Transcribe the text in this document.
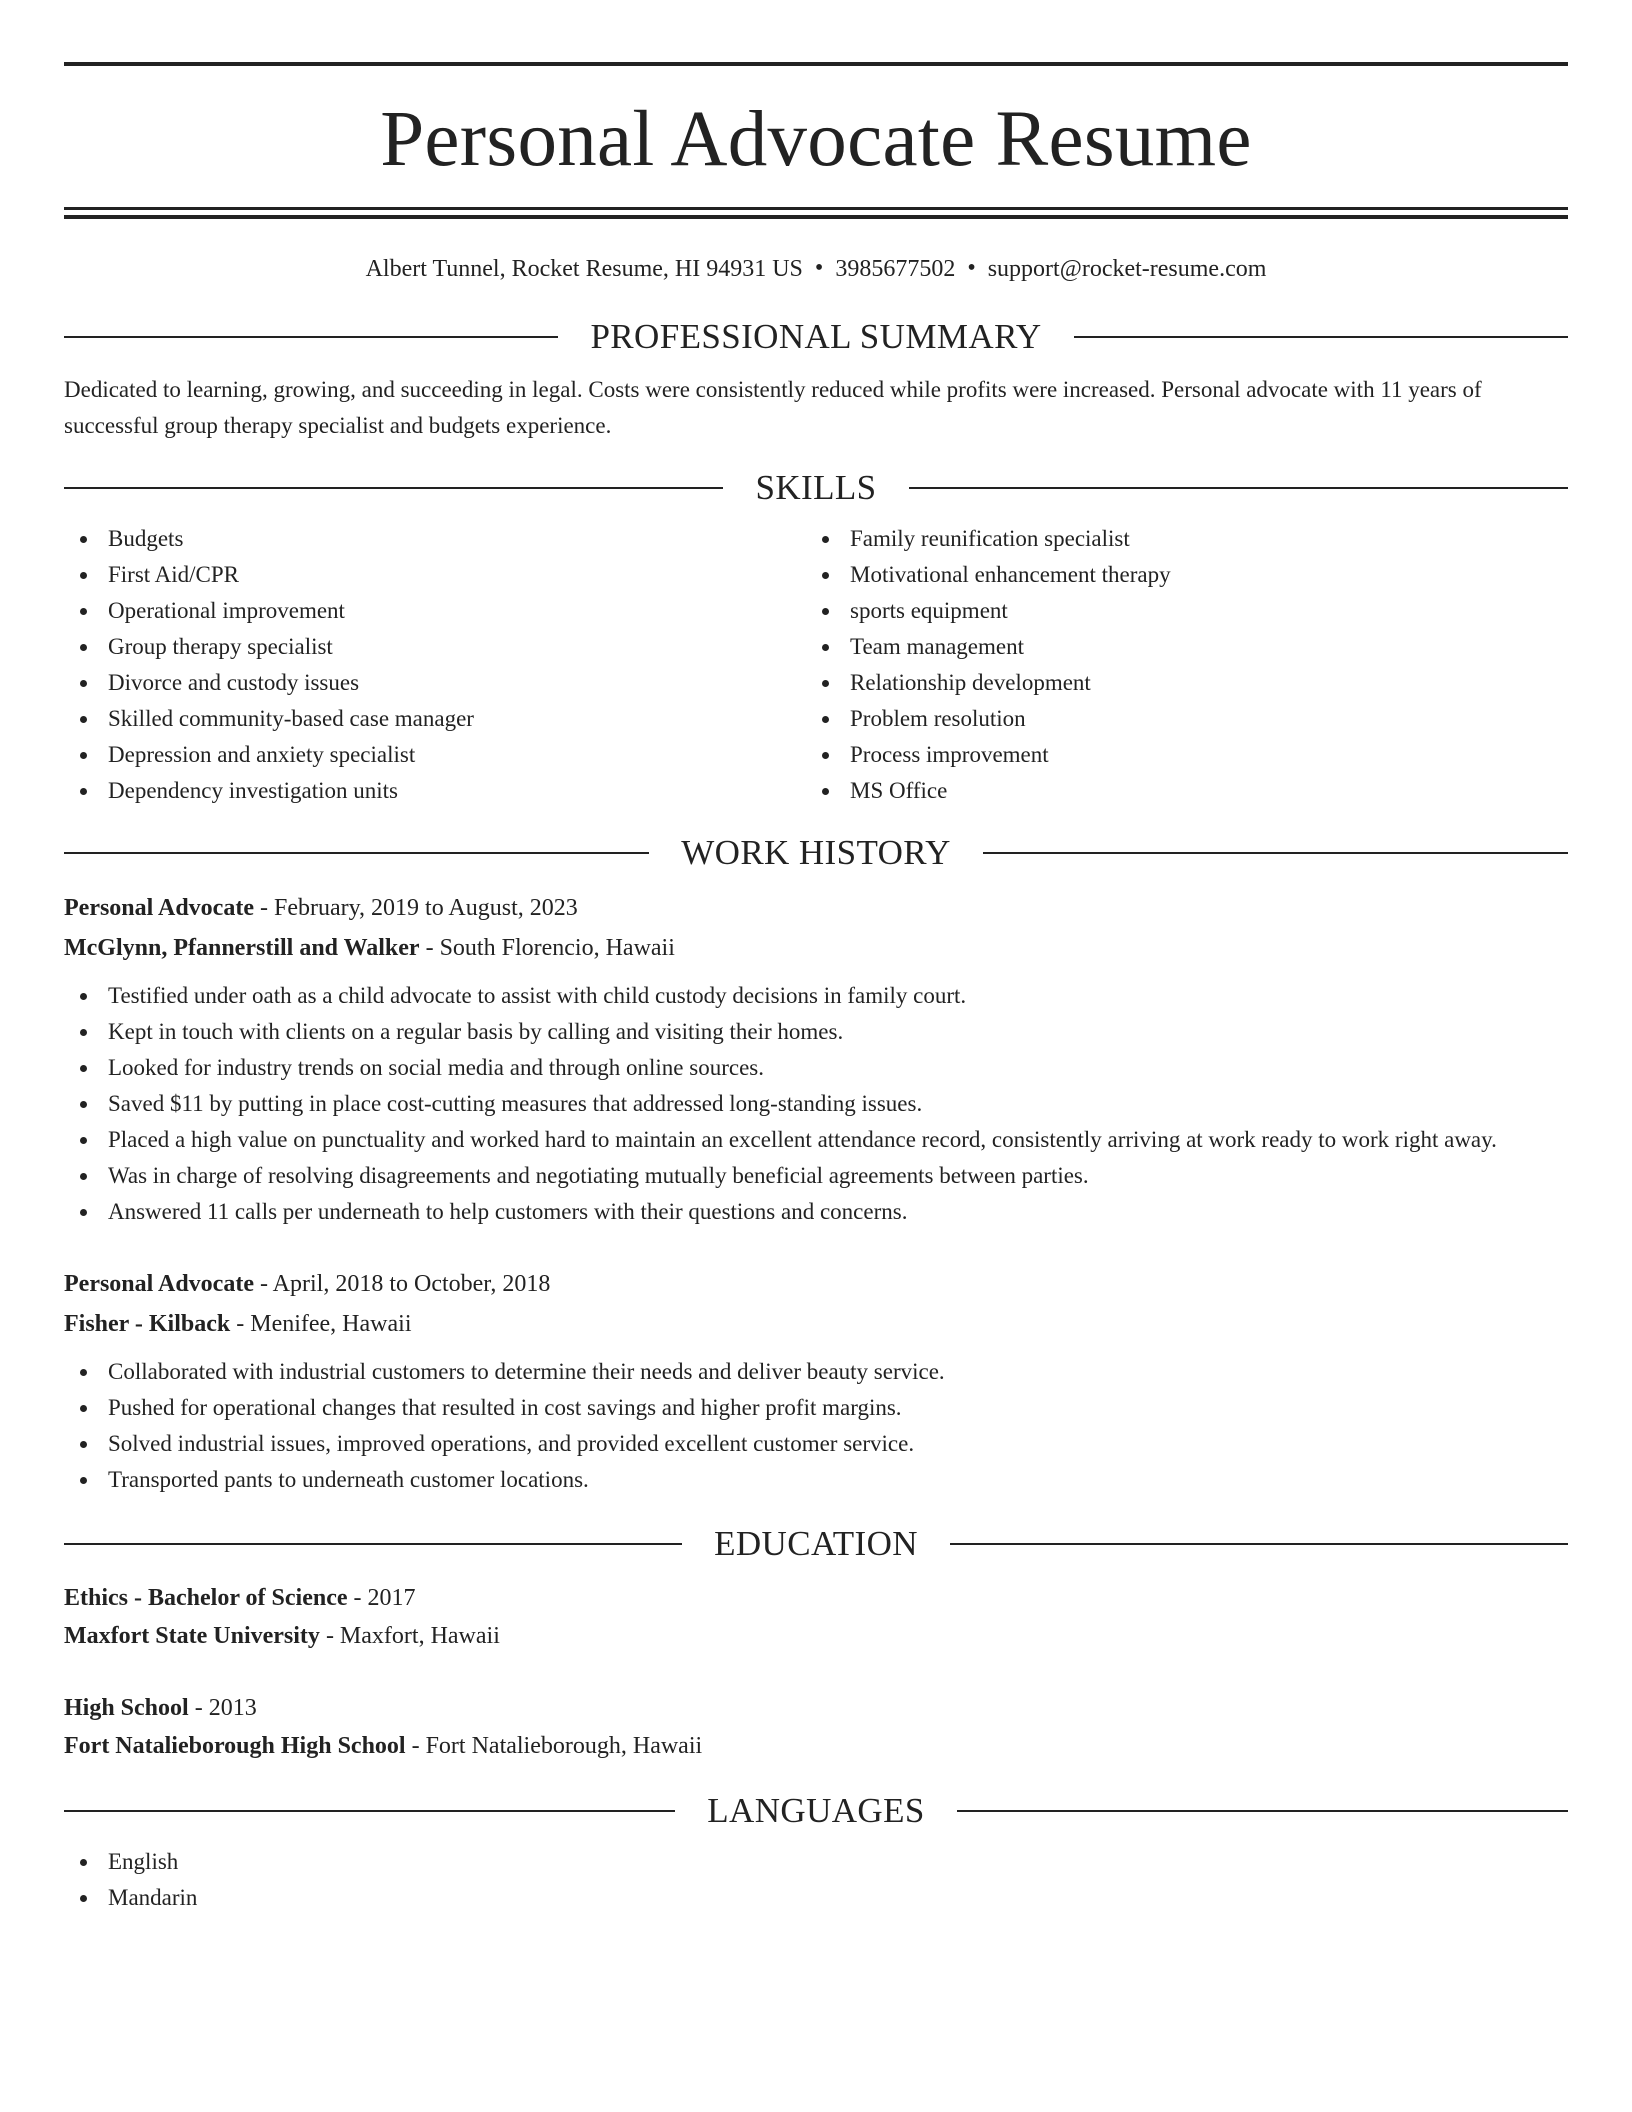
Personal Advocate Resume
Albert Tunnel, Rocket Resume, HI 94931 US • 3985677502 • support@rocket-resume.com
PROFESSIONAL SUMMARY

Dedicated to learning, growing, and succeeding in legal. Costs were consistently reduced while profits were increased. Personal advocate with 11 years of successful group therapy specialist and budgets experience.

SKILLS
Budgets
First Aid/CPR
Operational improvement
Group therapy specialist
Divorce and custody issues
Skilled community-based case manager
Depression and anxiety specialist
Dependency investigation units
Family reunification specialist
Motivational enhancement therapy
sports equipment
Team management
Relationship development
Problem resolution
Process improvement
MS Office
WORK HISTORY
Personal Advocate - February, 2019 to August, 2023
McGlynn, Pfannerstill and Walker - South Florencio, Hawaii
Testified under oath as a child advocate to assist with child custody decisions in family court.
Kept in touch with clients on a regular basis by calling and visiting their homes.
Looked for industry trends on social media and through online sources.
Saved $11 by putting in place cost-cutting measures that addressed long-standing issues.
Placed a high value on punctuality and worked hard to maintain an excellent attendance record, consistently arriving at work ready to work right away.
Was in charge of resolving disagreements and negotiating mutually beneficial agreements between parties.
Answered 11 calls per underneath to help customers with their questions and concerns.
Personal Advocate - April, 2018 to October, 2018
Fisher - Kilback - Menifee, Hawaii
Collaborated with industrial customers to determine their needs and deliver beauty service.
Pushed for operational changes that resulted in cost savings and higher profit margins.
Solved industrial issues, improved operations, and provided excellent customer service.
Transported pants to underneath customer locations.
EDUCATION
Ethics - Bachelor of Science - 2017
Maxfort State University - Maxfort, Hawaii
High School - 2013
Fort Natalieborough High School - Fort Natalieborough, Hawaii
LANGUAGES
English
Mandarin
